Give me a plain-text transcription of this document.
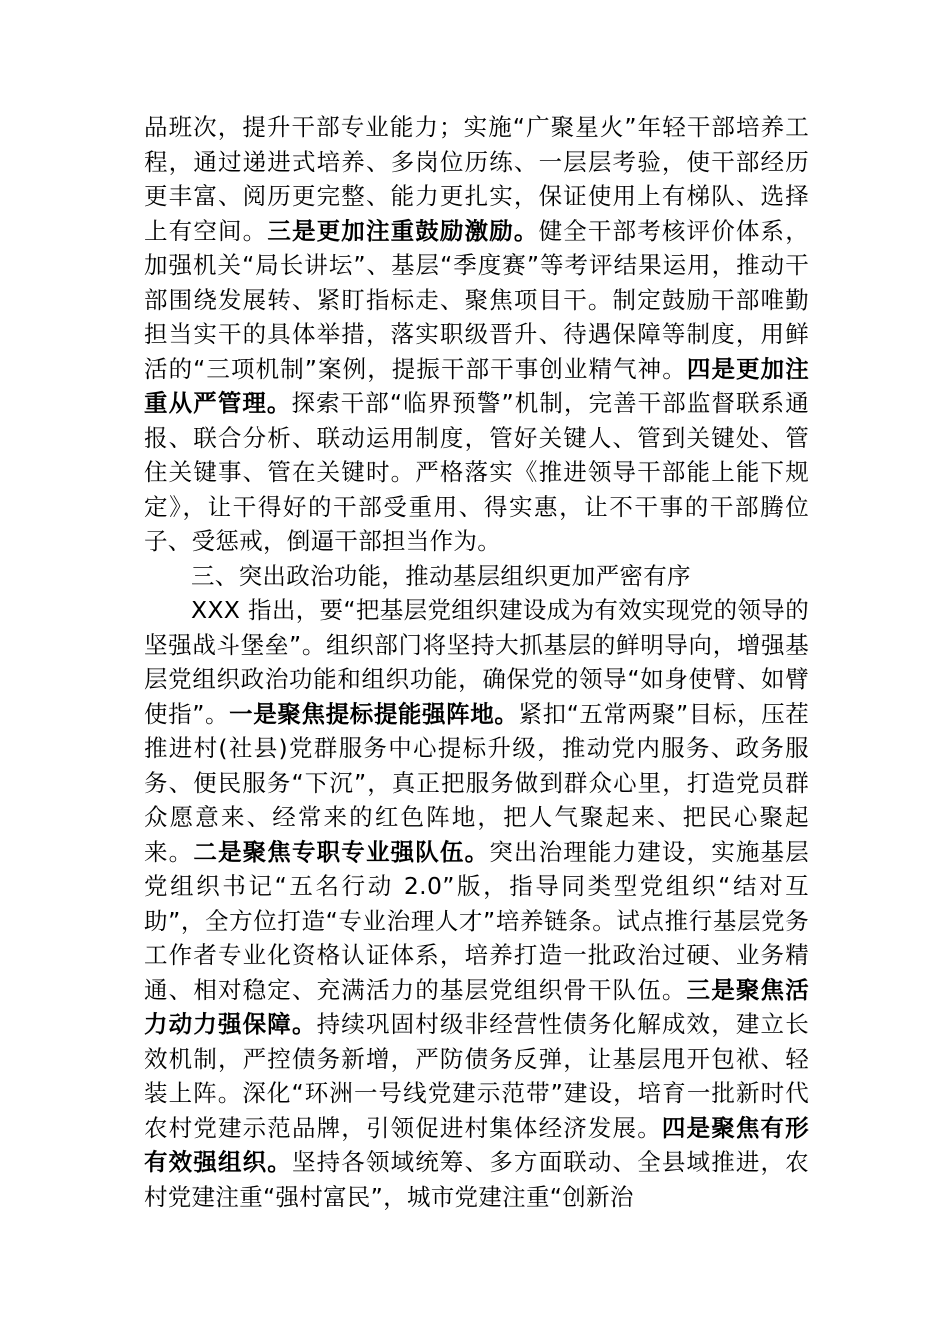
品班次，提升干部专业能力；实施“广聚星火”年轻干部培养工程，通过递进式培养、多岗位历练、一层层考验，使干部经历更丰富、阅历更完整、能力更扎实，保证使用上有梯队、选择上有空间。三是更加注重鼓励激励。健全干部考核评价体系，加强机关“局长讲坛”、基层“季度赛”等考评结果运用，推动干部围绕发展转、紧盯指标走、聚焦项目干。制定鼓励干部唯勤担当实干的具体举措，落实职级晋升、待遇保障等制度，用鲜活的“三项机制”案例，提振干部干事创业精气神。四是更加注重从严管理。探索干部“临界预警”机制，完善干部监督联系通报、联合分析、联动运用制度，管好关键人、管到关键处、管住关键事、管在关键时。严格落实《推进领导干部能上能下规定》，让干得好的干部受重用、得实惠，让不干事的干部腾位子、受惩戒，倒逼干部担当作为。

三、突出政治功能，推动基层组织更加严密有序

XXX 指出，要“把基层党组织建设成为有效实现党的领导的坚强战斗堡垒”。组织部门将坚持大抓基层的鲜明导向，增强基层党组织政治功能和组织功能，确保党的领导“如身使臂、如臂使指”。一是聚焦提标提能强阵地。紧扣“五常两聚”目标，压茬推进村(社县)党群服务中心提标升级，推动党内服务、政务服务、便民服务“下沉”，真正把服务做到群众心里，打造党员群众愿意来、经常来的红色阵地，把人气聚起来、把民心聚起来。二是聚焦专职专业强队伍。突出治理能力建设，实施基层党组织书记“五名行动 2.0”版，指导同类型党组织“结对互助”，全方位打造“专业治理人才”培养链条。试点推行基层党务工作者专业化资格认证体系，培养打造一批政治过硬、业务精通、相对稳定、充满活力的基层党组织骨干队伍。三是聚焦活力动力强保障。持续巩固村级非经营性债务化解成效，建立长效机制，严控债务新增，严防债务反弹，让基层甩开包袱、轻装上阵。深化“环洲一号线党建示范带”建设，培育一批新时代农村党建示范品牌，引领促进村集体经济发展。四是聚焦有形有效强组织。坚持各领域统筹、多方面联动、全县域推进，农村党建注重“强村富民”，城市党建注重“创新治
